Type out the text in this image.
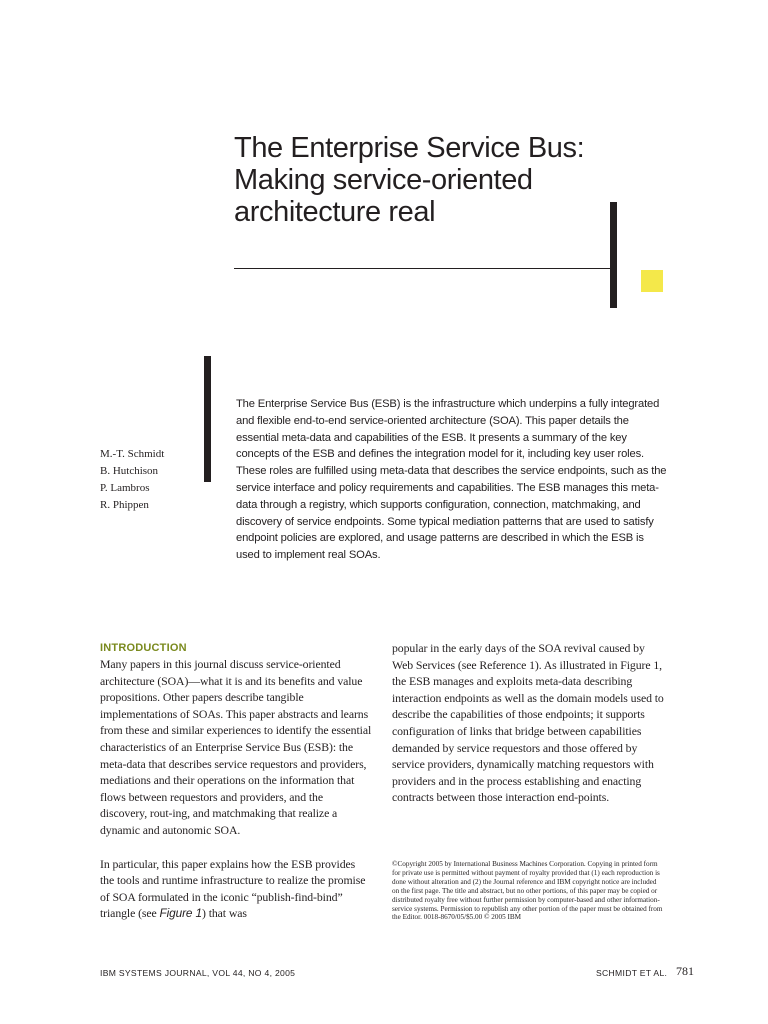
The Enterprise Service Bus:
Making service-oriented
architecture real
M.-T. Schmidt
B. Hutchison
P. Lambros
R. Phippen

The Enterprise Service Bus (ESB) is the infrastructure which underpins a fully integrated and flexible end-to-end service-oriented architecture (SOA). This paper details the essential meta-data and capabilities of the ESB. It presents a summary of the key concepts of the ESB and defines the integration model for it, including key user roles. These roles are fulfilled using meta-data that describes the service endpoints, such as the service interface and policy requirements and capabilities. The ESB manages this meta-data through a registry, which supports configuration, connection, matchmaking, and discovery of service endpoints. Some typical mediation patterns that are used to satisfy endpoint policies are explored, and usage patterns are described in which the ESB is used to implement real SOAs.

INTRODUCTION

Many papers in this journal discuss service-oriented architecture (SOA)—what it is and its benefits and value propositions. Other papers describe tangible implementations of SOAs. This paper abstracts and learns from these and similar experiences to identify the essential characteristics of an Enterprise Service Bus (ESB): the meta-data that describes service requestors and providers, mediations and their operations on the information that flows between requestors and providers, and the discovery, rout-ing, and matchmaking that realize a dynamic and autonomic SOA.

In particular, this paper explains how the ESB provides the tools and runtime infrastructure to realize the promise of SOA formulated in the iconic “publish-find-bind” triangle (see Figure 1) that was

popular in the early days of the SOA revival caused by Web Services (see Reference 1). As illustrated in Figure 1, the ESB manages and exploits meta-data describing interaction endpoints as well as the domain models used to describe the capabilities of those endpoints; it supports configuration of links that bridge between capabilities demanded by service requestors and those offered by service providers, dynamically matching requestors with providers and in the process establishing and enacting contracts between those interaction end-points.

©Copyright 2005 by International Business Machines Corporation. Copying in printed form for private use is permitted without payment of royalty provided that (1) each reproduction is done without alteration and (2) the Journal reference and IBM copyright notice are included on the first page. The title and abstract, but no other portions, of this paper may be copied or distributed royalty free without further permission by computer-based and other information-service systems. Permission to republish any other portion of the paper must be obtained from the Editor. 0018-8670/05/$5.00 © 2005 IBM

IBM SYSTEMS JOURNAL, VOL 44, NO 4, 2005	SCHMIDT ET AL. 781
